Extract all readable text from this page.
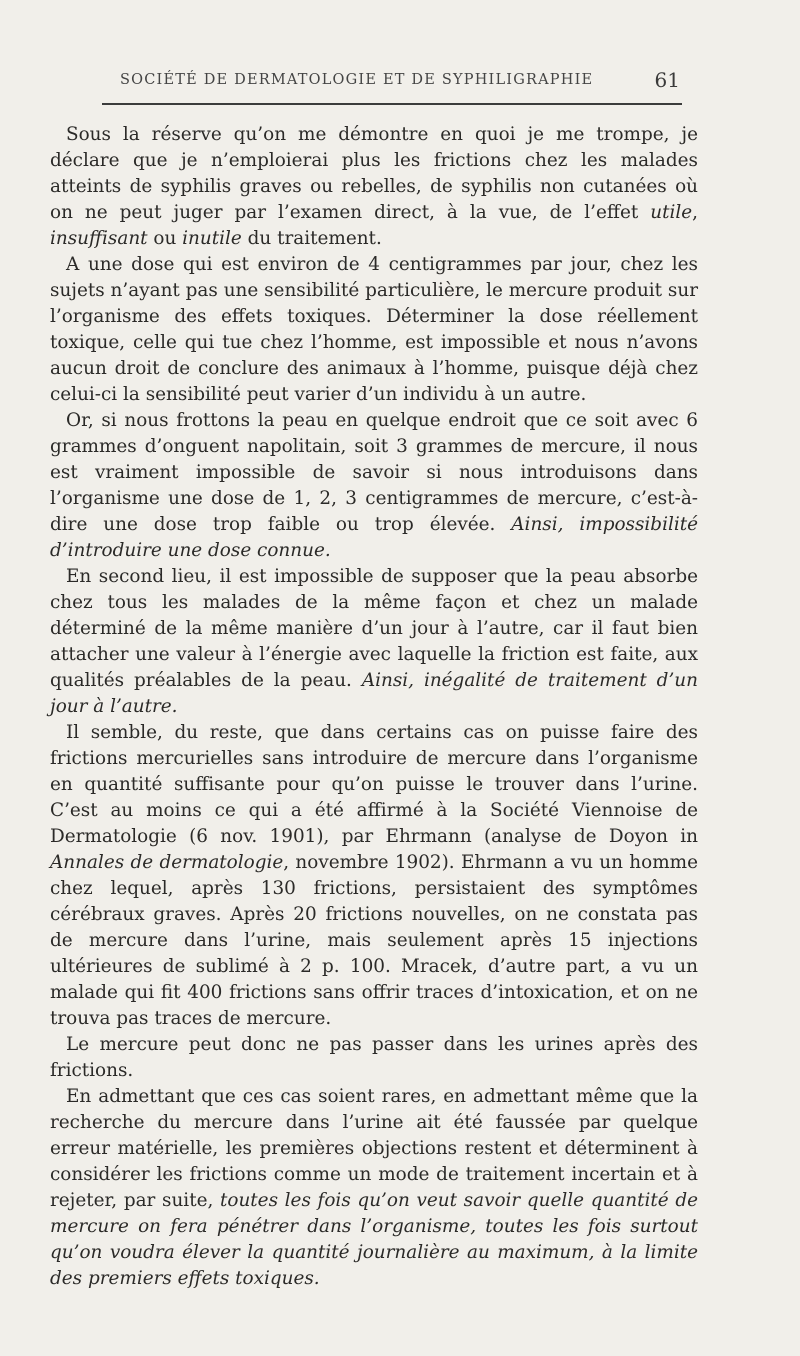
SOCIÉTÉ DE DERMATOLOGIE ET DE SYPHILIGRAPHIE	61

Sous la réserve qu’on me démontre en quoi je me trompe, je déclare que je n’emploierai plus les frictions chez les malades atteints de syphilis graves ou rebelles, de syphilis non cutanées où on ne peut juger par l’examen direct, à la vue, de l’effet utile, insuffisant ou inutile du traitement.

A une dose qui est environ de 4 centigrammes par jour, chez les sujets n’ayant pas une sensibilité particulière, le mercure produit sur l’organisme des effets toxiques. Déterminer la dose réellement toxique, celle qui tue chez l’homme, est impossible et nous n’avons aucun droit de conclure des animaux à l’homme, puisque déjà chez celui-ci la sensibilité peut varier d’un individu à un autre.

Or, si nous frottons la peau en quelque endroit que ce soit avec 6 grammes d’onguent napolitain, soit 3 grammes de mercure, il nous est vraiment impossible de savoir si nous introduisons dans l’organisme une dose de 1, 2, 3 centigrammes de mercure, c’est-à-dire une dose trop faible ou trop élevée. Ainsi, impossibilité d’introduire une dose connue.

En second lieu, il est impossible de supposer que la peau absorbe chez tous les malades de la même façon et chez un malade déterminé de la même manière d’un jour à l’autre, car il faut bien attacher une valeur à l’énergie avec laquelle la friction est faite, aux qualités préalables de la peau. Ainsi, inégalité de traitement d’un jour à l’autre.

Il semble, du reste, que dans certains cas on puisse faire des frictions mercurielles sans introduire de mercure dans l’organisme en quantité suffisante pour qu’on puisse le trouver dans l’urine. C’est au moins ce qui a été affirmé à la Société Viennoise de Dermatologie (6 nov. 1901), par Ehrmann (analyse de Doyon in Annales de dermatologie, novembre 1902). Ehrmann a vu un homme chez lequel, après 130 frictions, persistaient des symptômes cérébraux graves. Après 20 frictions nouvelles, on ne constata pas de mercure dans l’urine, mais seulement après 15 injections ultérieures de sublimé à 2 p. 100. Mracek, d’autre part, a vu un malade qui fit 400 frictions sans offrir traces d’intoxication, et on ne trouva pas traces de mercure.

Le mercure peut donc ne pas passer dans les urines après des frictions.

En admettant que ces cas soient rares, en admettant même que la recherche du mercure dans l’urine ait été faussée par quelque erreur matérielle, les premières objections restent et déterminent à considérer les frictions comme un mode de traitement incertain et à rejeter, par suite, toutes les fois qu’on veut savoir quelle quantité de mercure on fera pénétrer dans l’organisme, toutes les fois surtout qu’on voudra élever la quantité journalière au maximum, à la limite des premiers effets toxiques.
